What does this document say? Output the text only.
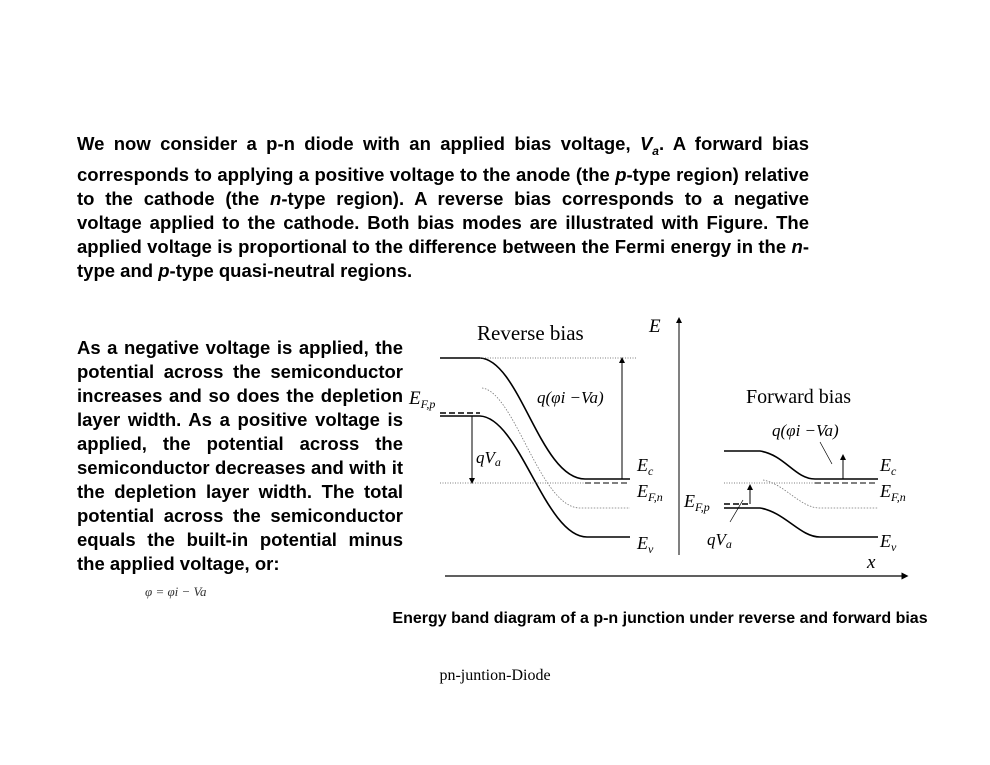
We now consider a p-n diode with an applied bias voltage, $V_a$. A forward bias corresponds to applying a positive voltage to the anode (the p-type region) relative to the cathode (the n-type region). A reverse bias corresponds to a negative voltage applied to the cathode. Both bias modes are illustrated with Figure. The applied voltage is proportional to the difference between the Fermi energy in the n-type and p-type quasi-neutral regions.

As a negative voltage is applied, the potential across the semiconductor increases and so does the depletion layer width. As a positive voltage is applied, the potential across the semiconductor decreases and with it the depletion layer width. The total potential across the semiconductor equals the built-in potential minus the applied voltage, or:

φ = φi − Va
Reverse bias
Forward bias
E
x
$E_{F,p}$	q(φi −Va)
qVa	$E_c$
$E_{F,n}$
$E_v$
q(φi −Va)
$E_c$
$E_{F,n}$
$E_{F,p}$
qVa	$E_v$
Energy band diagram of a p-n junction under reverse and forward bias
pn-juntion-Diode
